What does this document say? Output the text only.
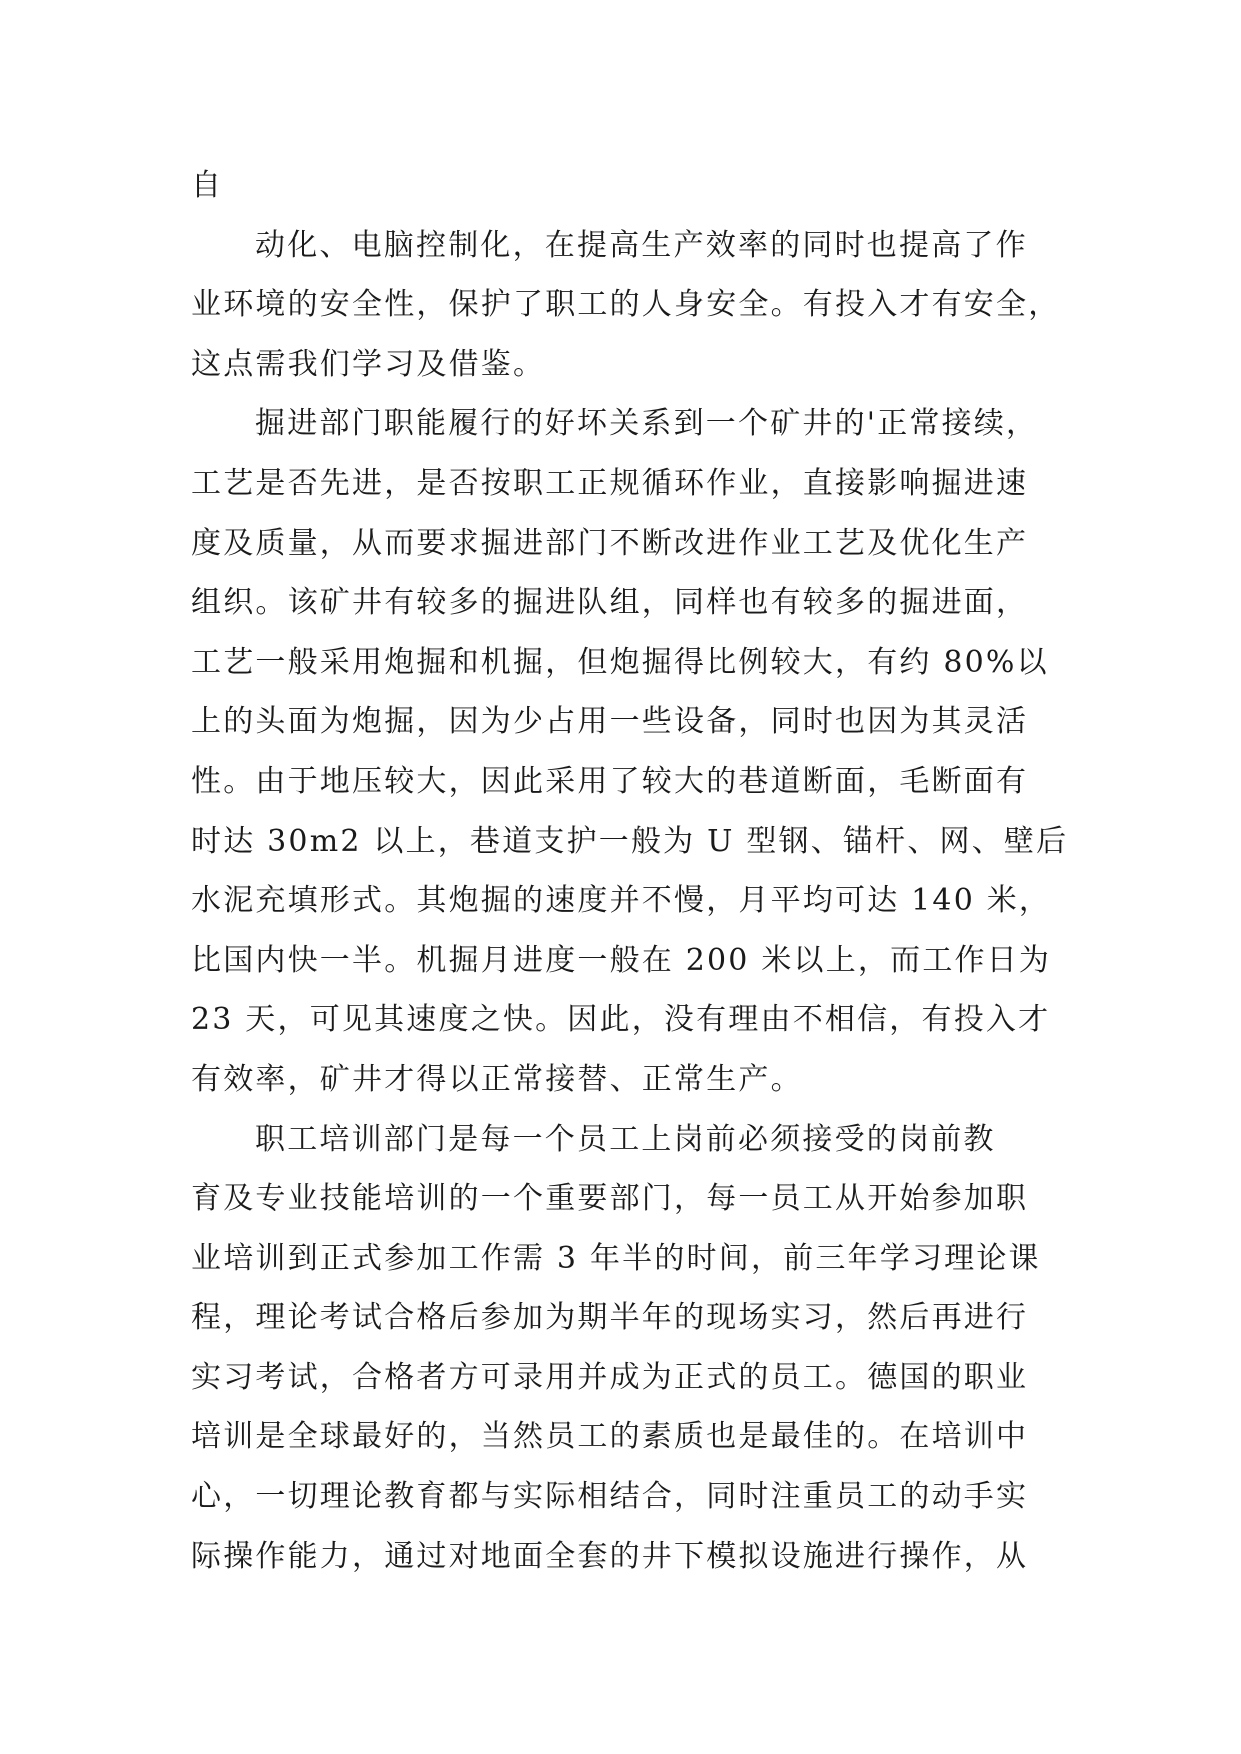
自
动化、电脑控制化，在提高生产效率的同时也提高了作
业环境的安全性，保护了职工的人身安全。有投入才有安全，
这点需我们学习及借鉴。
掘进部门职能履行的好坏关系到一个矿井的'正常接续，
工艺是否先进，是否按职工正规循环作业，直接影响掘进速
度及质量，从而要求掘进部门不断改进作业工艺及优化生产
组织。该矿井有较多的掘进队组，同样也有较多的掘进面，
工艺一般采用炮掘和机掘，但炮掘得比例较大，有约 80%以
上的头面为炮掘，因为少占用一些设备，同时也因为其灵活
性。由于地压较大，因此采用了较大的巷道断面，毛断面有
时达 30m2 以上，巷道支护一般为 U 型钢、锚杆、网、壁后
水泥充填形式。其炮掘的速度并不慢，月平均可达 140 米，
比国内快一半。机掘月进度一般在 200 米以上，而工作日为
23 天，可见其速度之快。因此，没有理由不相信，有投入才
有效率，矿井才得以正常接替、正常生产。
职工培训部门是每一个员工上岗前必须接受的岗前教
育及专业技能培训的一个重要部门，每一员工从开始参加职
业培训到正式参加工作需 3 年半的时间，前三年学习理论课
程，理论考试合格后参加为期半年的现场实习，然后再进行
实习考试，合格者方可录用并成为正式的员工。德国的职业
培训是全球最好的，当然员工的素质也是最佳的。在培训中
心，一切理论教育都与实际相结合，同时注重员工的动手实
际操作能力，通过对地面全套的井下模拟设施进行操作，从
